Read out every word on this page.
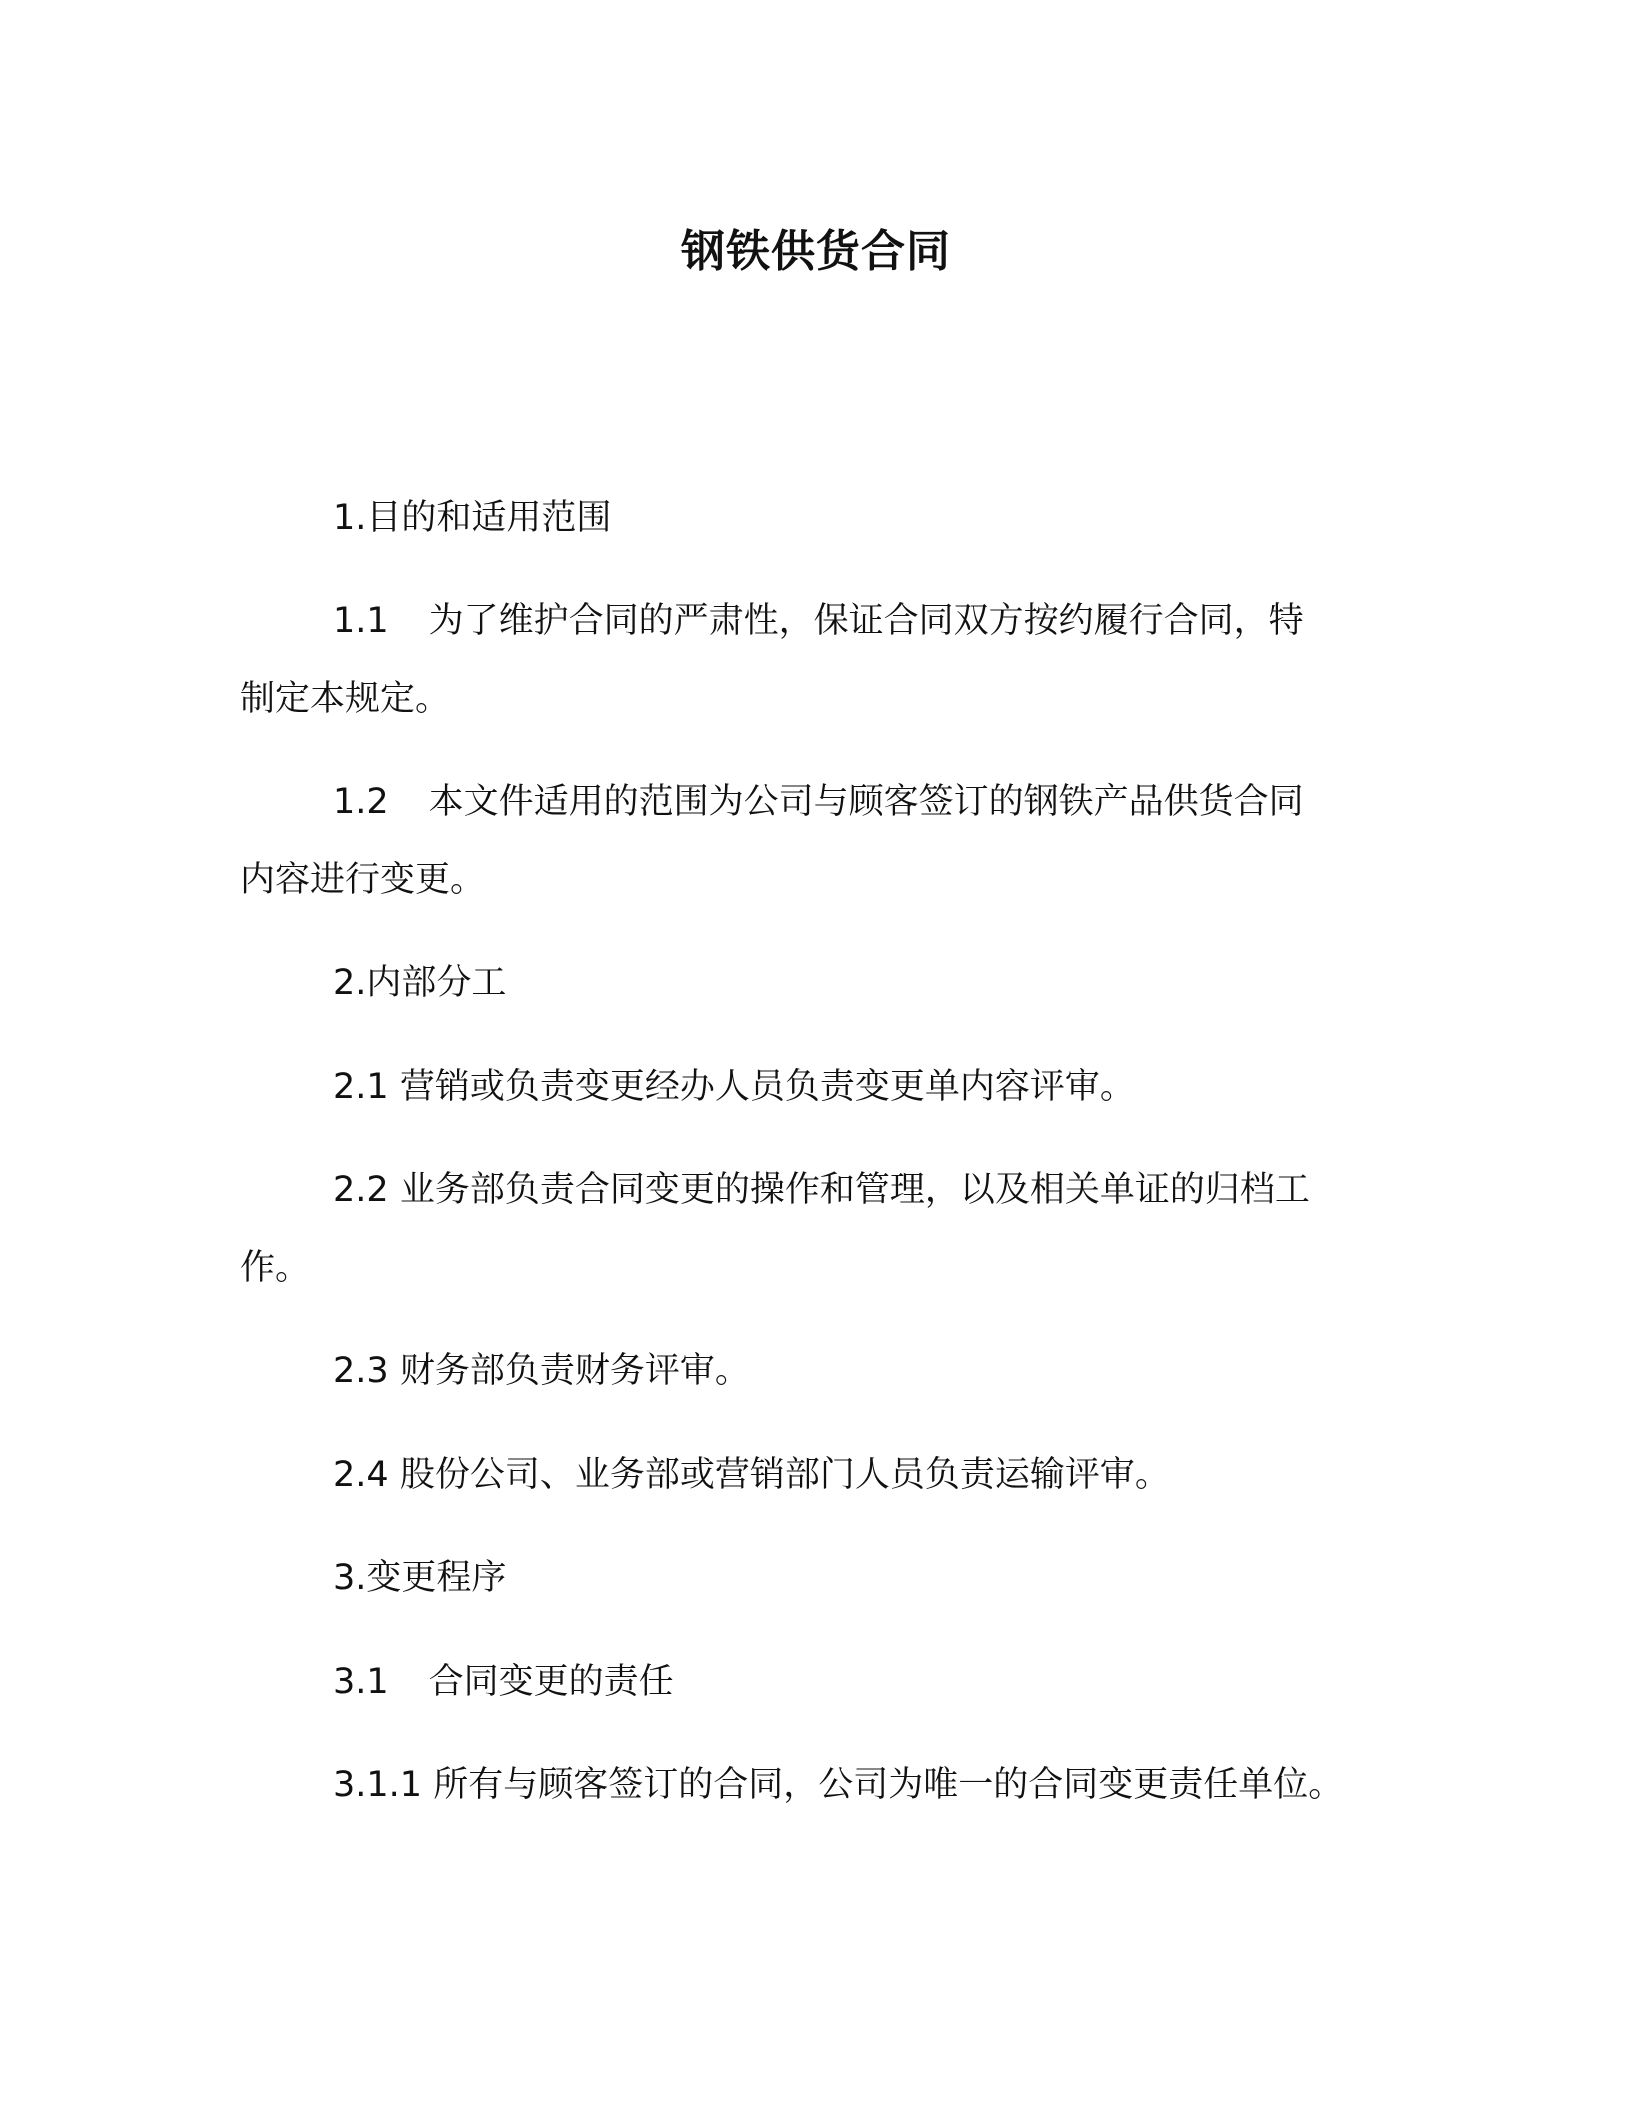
钢铁供货合同

1.目的和适用范围

1.1 为了维护合同的严肃性，保证合同双方按约履行合同，特

制定本规定。

1.2 本文件适用的范围为公司与顾客签订的钢铁产品供货合同

内容进行变更。

2.内部分工

2.1 营销或负责变更经办人员负责变更单内容评审。

2.2 业务部负责合同变更的操作和管理，以及相关单证的归档工

作。

2.3 财务部负责财务评审。

2.4 股份公司、业务部或营销部门人员负责运输评审。

3.变更程序

3.1 合同变更的责任

3.1.1 所有与顾客签订的合同，公司为唯一的合同变更责任单位。
